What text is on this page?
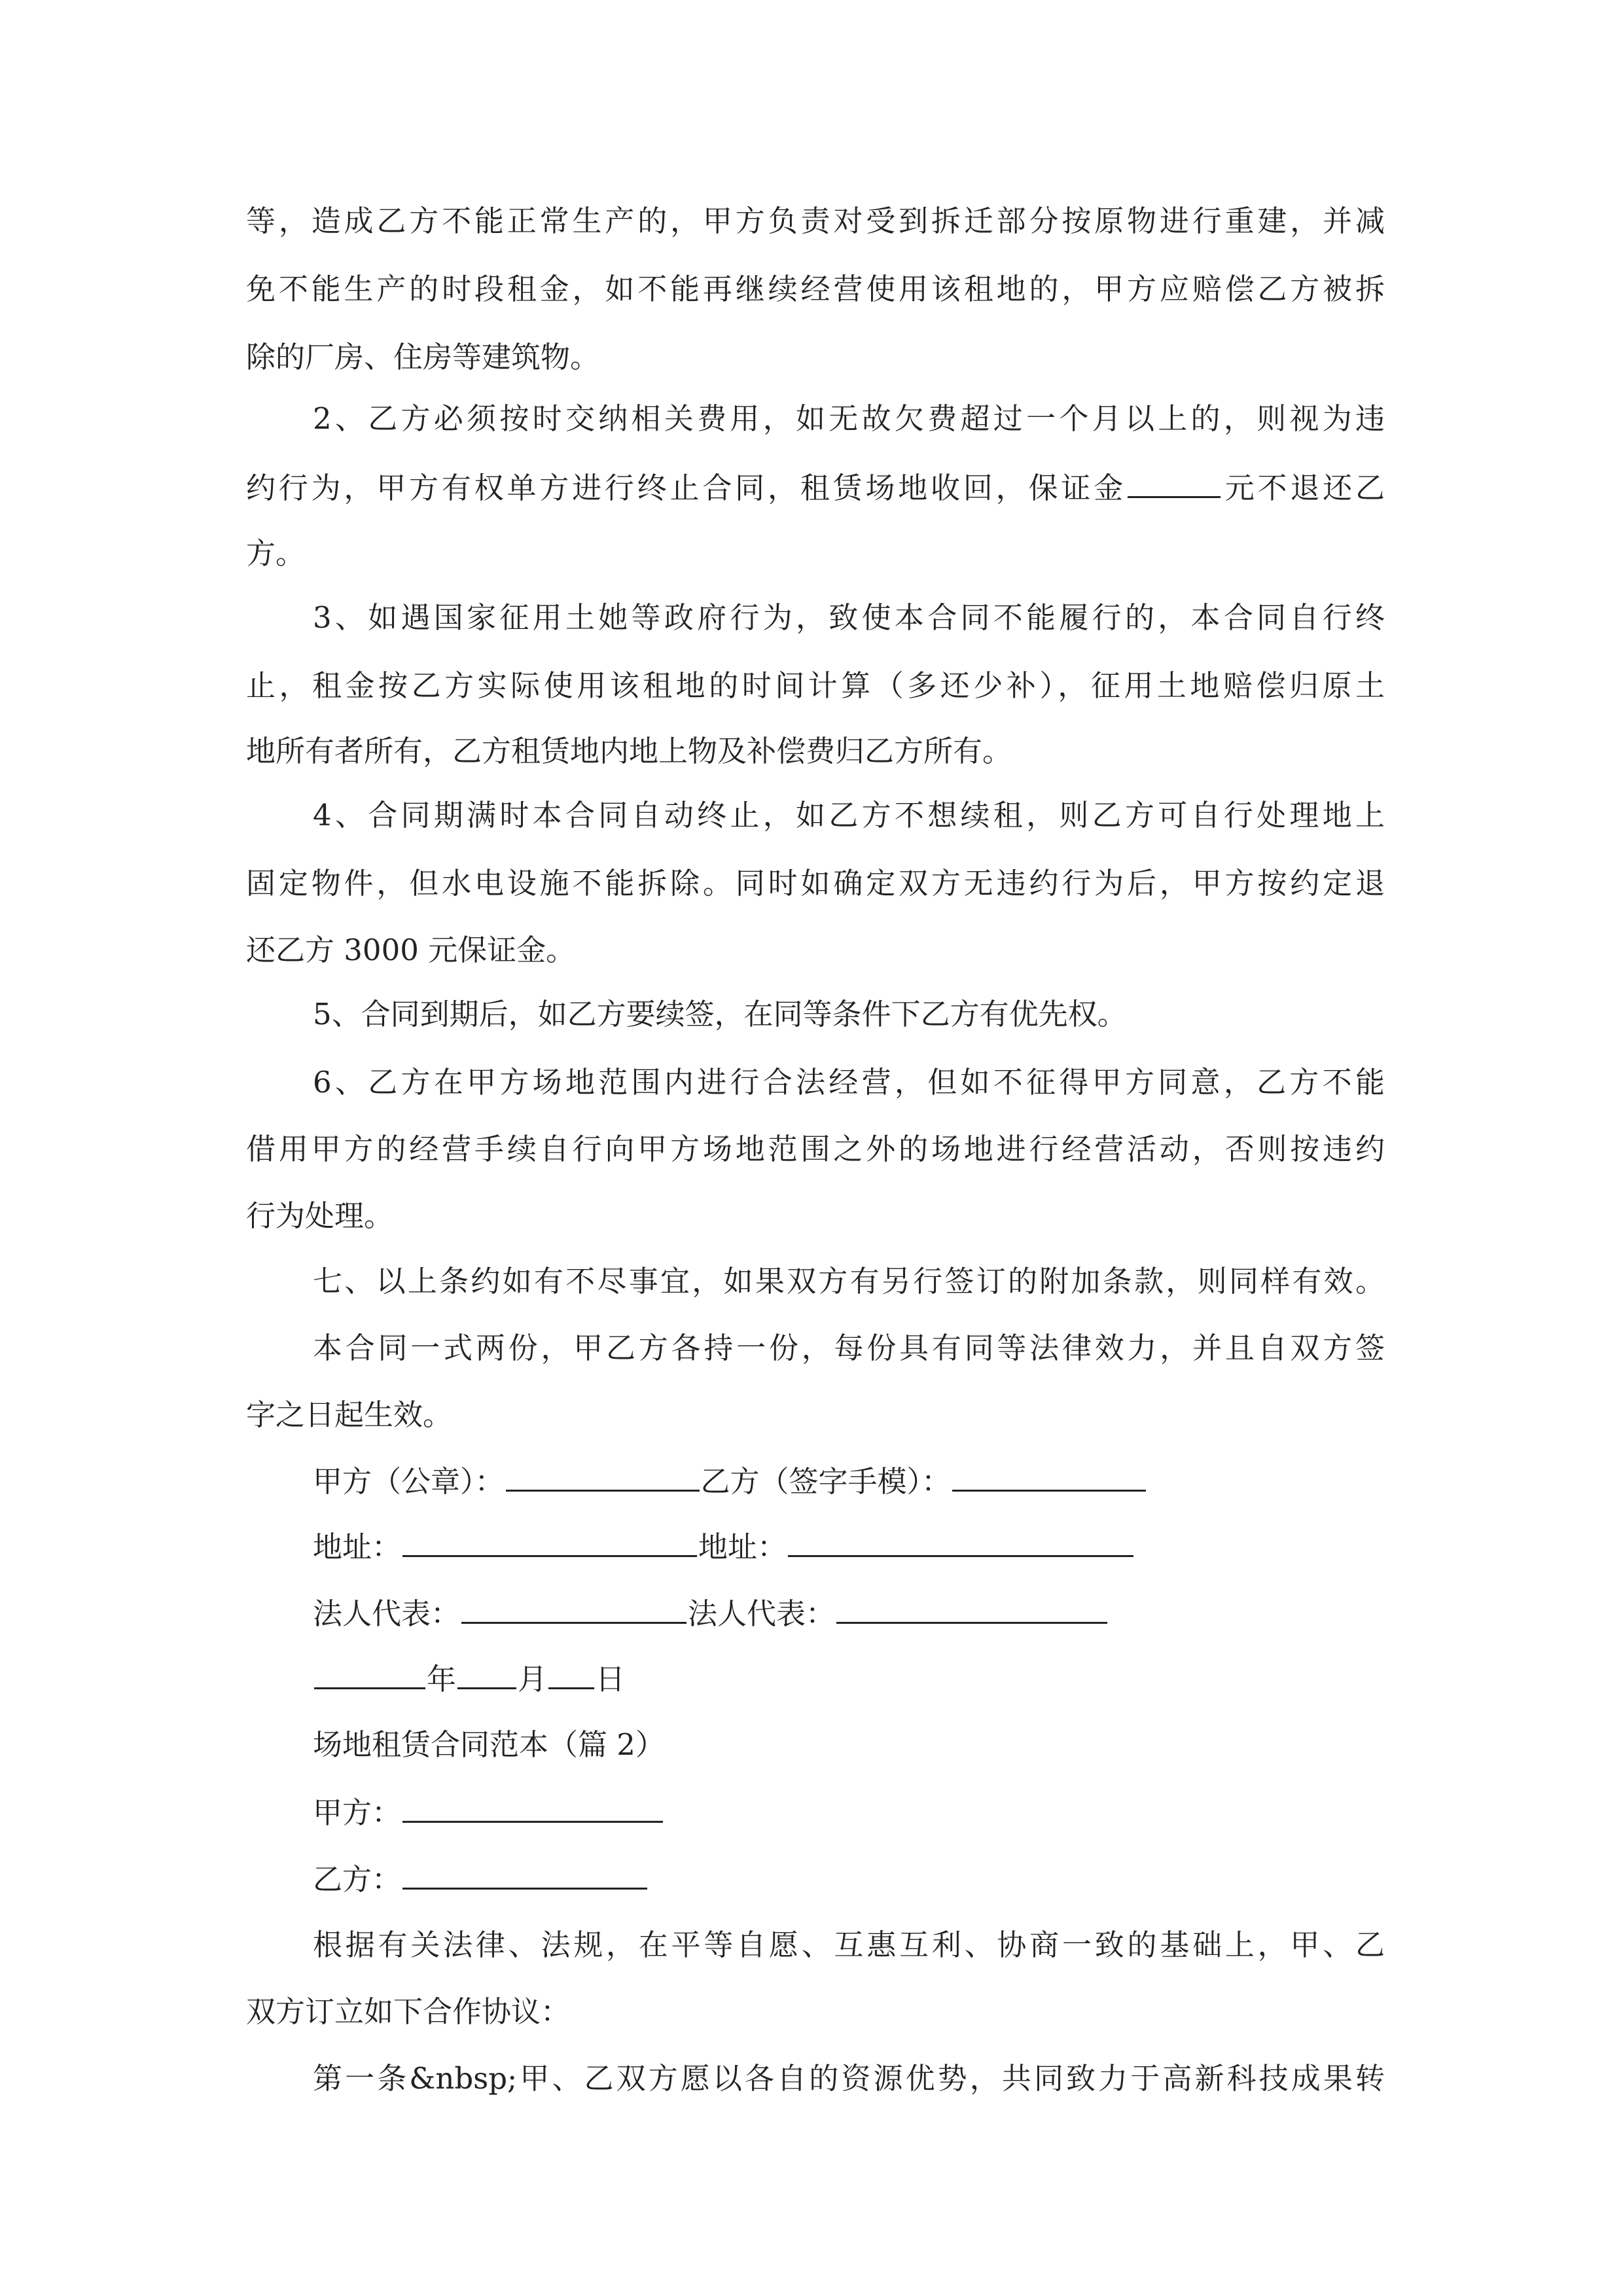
等，造成乙方不能正常生产的，甲方负责对受到拆迁部分按原物进行重建，并减
免不能生产的时段租金，如不能再继续经营使用该租地的，甲方应赔偿乙方被拆
除的厂房、住房等建筑物。
2、乙方必须按时交纳相关费用，如无故欠费超过一个月以上的，则视为违
约行为，甲方有权单方进行终止合同，租赁场地收回，保证金	元不退还乙
方。
3、如遇国家征用土她等政府行为，致使本合同不能履行的，本合同自行终
止，租金按乙方实际使用该租地的时间计算（多还少补），征用土地赔偿归原土
地所有者所有，乙方租赁地内地上物及补偿费归乙方所有。
4、合同期满时本合同自动终止，如乙方不想续租，则乙方可自行处理地上
固定物件，但水电设施不能拆除。同时如确定双方无违约行为后，甲方按约定退
还乙方 3000 元保证金。
5、合同到期后，如乙方要续签，在同等条件下乙方有优先权。
6、乙方在甲方场地范围内进行合法经营，但如不征得甲方同意，乙方不能
借用甲方的经营手续自行向甲方场地范围之外的场地进行经营活动，否则按违约
行为处理。
七、以上条约如有不尽事宜，如果双方有另行签订的附加条款，则同样有效。
本合同一式两份，甲乙方各持一份，每份具有同等法律效力，并且自双方签
字之日起生效。
甲方（公章）：	乙方（签字手模）：
地址：	地址：
法人代表：	法人代表：
年 月 日
场地租赁合同范本（篇 2）
甲方：
乙方：
根据有关法律、法规，在平等自愿、互惠互利、协商一致的基础上，甲、乙
双方订立如下合作协议：
第一条&nbsp;甲、乙双方愿以各自的资源优势，共同致力于高新科技成果转
